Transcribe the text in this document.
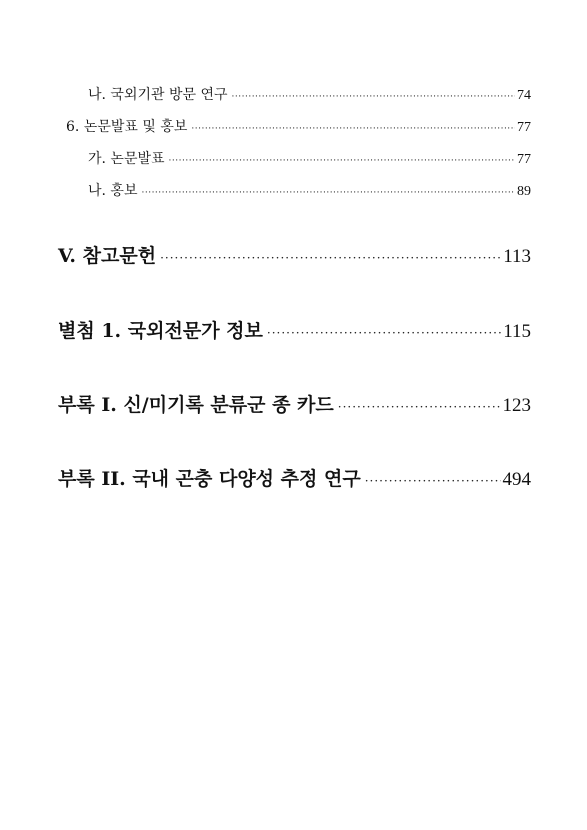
나. 국외기관 방문 연구 ·····	74
6. 논문발표 및 홍보 ·····	77
가. 논문발표 ·····	77
나. 홍보 ·····	89
V. 참고문헌 ·····	113
별첨 1. 국외전문가 정보 ·····	115
부록 I. 신/미기록 분류군 종 카드 ·····	123
부록 II. 국내 곤충 다양성 추정 연구 ·····	494
